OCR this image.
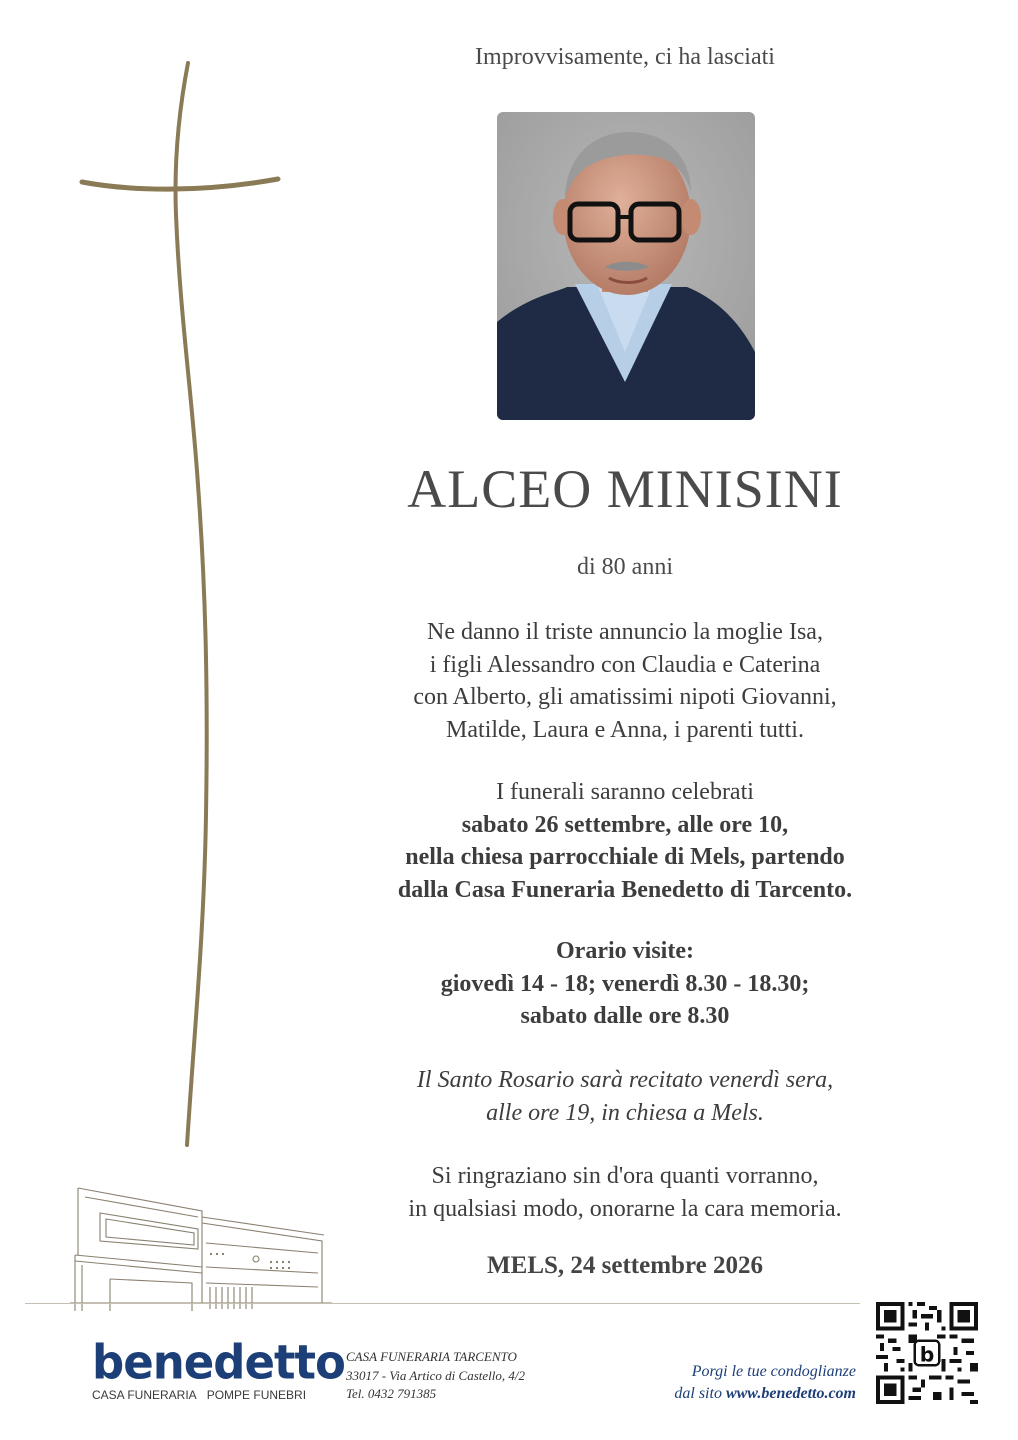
Improvvisamente, ci ha lasciati
ALCEO MINISINI
di 80 anni
Ne danno il triste annuncio la moglie Isa,
i figli Alessandro con Claudia e Caterina
con Alberto, gli amatissimi nipoti Giovanni,
Matilde, Laura e Anna, i parenti tutti.
I funerali saranno celebrati
sabato 26 settembre, alle ore 10,
nella chiesa parrocchiale di Mels, partendo
dalla Casa Funeraria Benedetto di Tarcento.
Orario visite:
giovedì 14 - 18; venerdì 8.30 - 18.30;
sabato dalle ore 8.30
Il Santo Rosario sarà recitato venerdì sera,
alle ore 19, in chiesa a Mels.
Si ringraziano sin d'ora quanti vorranno,
in qualsiasi modo, onorarne la cara memoria.
MELS, 24 settembre 2026
benedetto
CASA FUNERARIA POMPE FUNEBRI
CASA FUNERARIA TARCENTO
33017 - Via Artico di Castello, 4/2
Tel. 0432 791385
Porgi le tue condoglianze
dal sito www.benedetto.com
b
